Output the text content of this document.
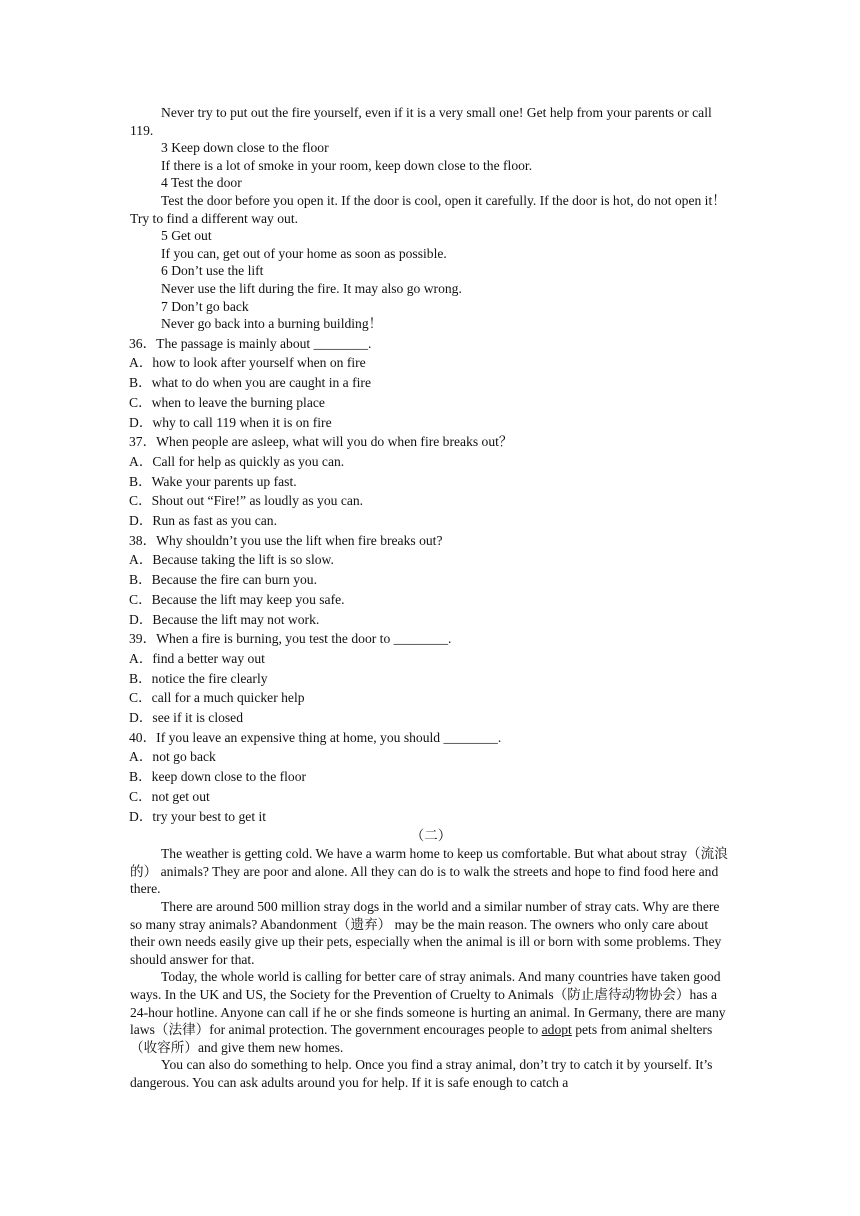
Never try to put out the fire yourself, even if it is a very small one! Get help from your parents or call 119.

3 Keep down close to the floor

If there is a lot of smoke in your room, keep down close to the floor.

4 Test the door

Test the door before you open it. If the door is cool, open it carefully. If the door is hot, do not open it！Try to find a different way out.

5 Get out

If you can, get out of your home as soon as possible.

6 Don’t use the lift

Never use the lift during the fire. It may also go wrong.

7 Don’t go back

Never go back into a burning building！

36．The passage is mainly about ________.

A．how to look after yourself when on fire

B．what to do when you are caught in a fire

C．when to leave the burning place

D．why to call 119 when it is on fire

37．When people are asleep, what will you do when fire breaks out？

A．Call for help as quickly as you can.

B．Wake your parents up fast.

C．Shout out “Fire!” as loudly as you can.

D．Run as fast as you can.

38．Why shouldn’t you use the lift when fire breaks out?

A．Because taking the lift is so slow.

B．Because the fire can burn you.

C．Because the lift may keep you safe.

D．Because the lift may not work.

39．When a fire is burning, you test the door to ________.

A．find a better way out

B．notice the fire clearly

C．call for a much quicker help

D．see if it is closed

40．If you leave an expensive thing at home, you should ________.

A．not go back

B．keep down close to the floor

C．not get out

D．try your best to get it

（二）

The weather is getting cold. We have a warm home to keep us comfortable. But what about stray（流浪的） animals? They are poor and alone. All they can do is to walk the streets and hope to find food here and there.

There are around 500 million stray dogs in the world and a similar number of stray cats. Why are there so many stray animals? Abandonment（遗弃） may be the main reason. The owners who only care about their own needs easily give up their pets, especially when the animal is ill or born with some problems. They should answer for that.

Today, the whole world is calling for better care of stray animals. And many countries have taken good ways. In the UK and US, the Society for the Prevention of Cruelty to Animals（防止虐待动物协会）has a 24-hour hotline. Anyone can call if he or she finds someone is hurting an animal. In Germany, there are many laws（法律）for animal protection. The government encourages people to adopt pets from animal shelters（收容所）and give them new homes.

You can also do something to help. Once you find a stray animal, don’t try to catch it by yourself. It’s dangerous. You can ask adults around you for help. If it is safe enough to catch a
